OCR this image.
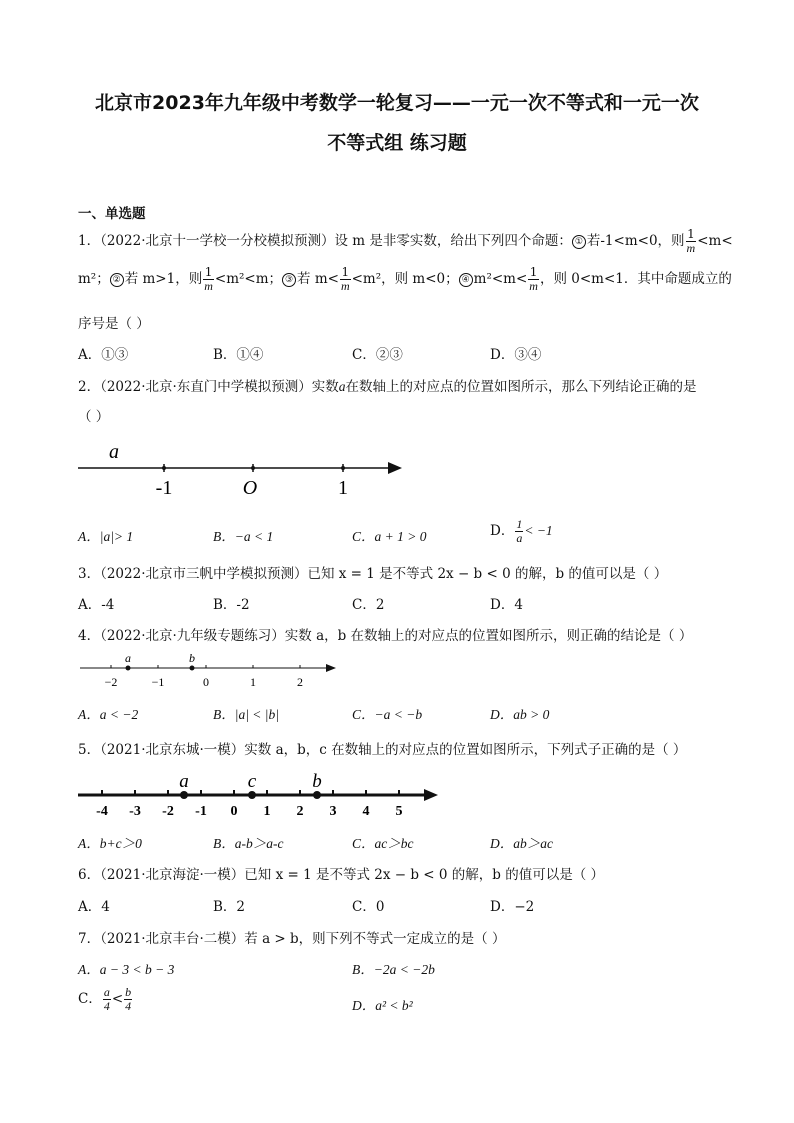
北京市2023年九年级中考数学一轮复习——一元一次不等式和一元一次
不等式组 练习题
一、单选题
1．（2022·北京十一学校一分校模拟预测）设 m 是非零实数，给出下列四个命题： ① 若-1<m<0，则 $\frac{1}{m} <m<$
m²； ② 若 m>1，则 $\frac{1}{m} <m^2<m$； ③ 若 $m< \frac{1}{m} <m^2$，则 m<0； ④ $m^2<m< \frac{1}{m}$ ，则 0<m<1．其中命题成立的
序号是（ ）
A．①③	B．①④	C．②③	D．③④
2．（2022·北京·东直门中学模拟预测）实数a在数轴上的对应点的位置如图所示，那么下列结论正确的是
（ ）
a
-1	O	1
A．|a|> 1	B．−a < 1	C．a + 1 > 0	D． $\frac{1}{a} < -1$
3．（2022·北京市三帆中学模拟预测）已知 x = 1 是不等式 2x − b < 0 的解，b 的值可以是（ ）
A．-4	B．-2	C．2	D．4
4．（2022·北京·九年级专题练习）实数 a，b 在数轴上的对应点的位置如图所示，则正确的结论是（ ）
a	b
−2	−1	0	1	2
A．a < −2	B．|a| < |b|	C．−a < −b	D．ab > 0
5．（2021·北京东城·一模）实数 a，b，c 在数轴上的对应点的位置如图所示，下列式子正确的是（ ）
a	c	b
-4 -3 -2 -1 0 1 2 3 4 5
A．b+c＞0	B．a-b＞a-c	C．ac＞bc	D．ab＞ac
6．（2021·北京海淀·一模）已知 x = 1 是不等式 2x − b < 0 的解，b 的值可以是（ ）
A．4	B．2	C．0	D．−2
7．（2021·北京丰台·二模）若 a > b，则下列不等式一定成立的是（ ）
A．a − 3 < b − 3	B．−2a < −2b
C． $\frac{a}{4} < \frac{b}{4}$	D．a² < b²
